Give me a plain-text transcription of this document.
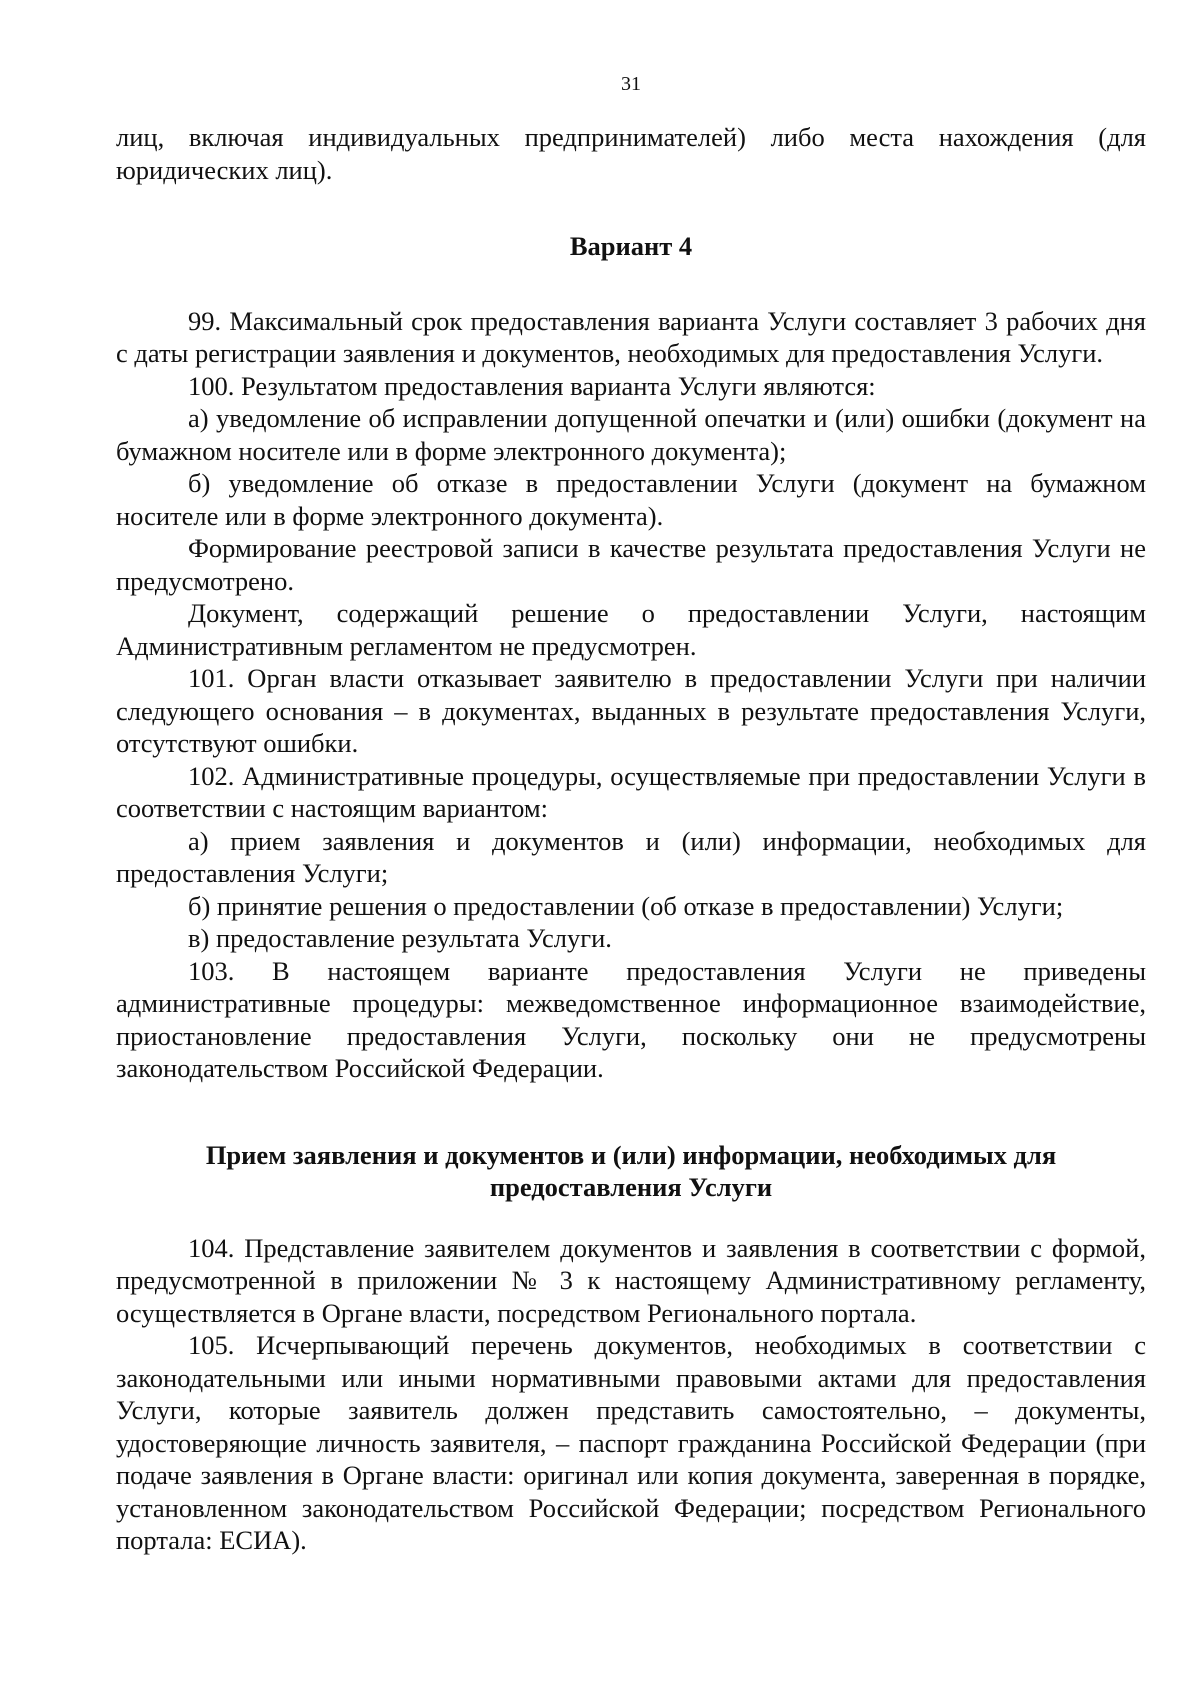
31

лиц, включая индивидуальных предпринимателей) либо места нахождения (для юридических лиц).

Вариант 4

99. Максимальный срок предоставления варианта Услуги составляет 3 рабочих дня с даты регистрации заявления и документов, необходимых для предоставления Услуги.

100. Результатом предоставления варианта Услуги являются:

а) уведомление об исправлении допущенной опечатки и (или) ошибки (документ на бумажном носителе или в форме электронного документа);

б) уведомление об отказе в предоставлении Услуги (документ на бумажном носителе или в форме электронного документа).

Формирование реестровой записи в качестве результата предоставления Услуги не предусмотрено.

Документ, содержащий решение о предоставлении Услуги, настоящим Административным регламентом не предусмотрен.

101. Орган власти отказывает заявителю в предоставлении Услуги при наличии следующего основания – в документах, выданных в результате предоставления Услуги, отсутствуют ошибки.

102. Административные процедуры, осуществляемые при предоставлении Услуги в соответствии с настоящим вариантом:

а) прием заявления и документов и (или) информации, необходимых для предоставления Услуги;

б) принятие решения о предоставлении (об отказе в предоставлении) Услуги;

в) предоставление результата Услуги.

103. В настоящем варианте предоставления Услуги не приведены административные процедуры: межведомственное информационное взаимодействие, приостановление предоставления Услуги, поскольку они не предусмотрены законодательством Российской Федерации.

Прием заявления и документов и (или) информации, необходимых для предоставления Услуги

104. Представление заявителем документов и заявления в соответствии с формой, предусмотренной в приложении № 3 к настоящему Административному регламенту, осуществляется в Органе власти, посредством Регионального портала.

105. Исчерпывающий перечень документов, необходимых в соответствии с законодательными или иными нормативными правовыми актами для предоставления Услуги, которые заявитель должен представить самостоятельно, – документы, удостоверяющие личность заявителя, – паспорт гражданина Российской Федерации (при подаче заявления в Органе власти: оригинал или копия документа, заверенная в порядке, установленном законодательством Российской Федерации; посредством Регионального портала: ЕСИА).
